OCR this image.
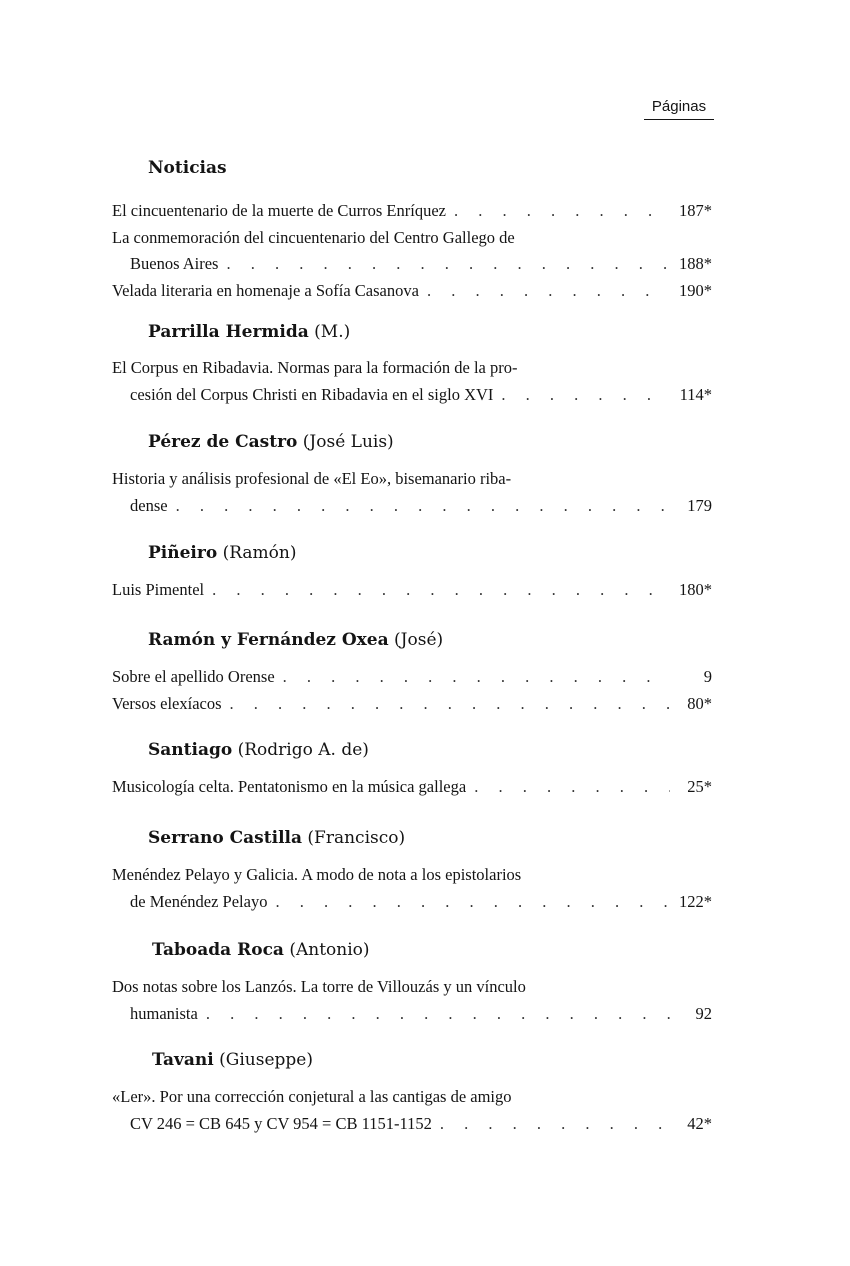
Páginas
Noticias
El cincuentenario de la muerte de Curros Enríquez . . .	187*
La conmemoración del cincuentenario del Centro Gallego de
Buenos Aires . . .	188*
Velada literaria en homenaje a Sofía Casanova . . .	190*
Parrilla Hermida (M.)
El Corpus en Ribadavia. Normas para la formación de la pro-
cesión del Corpus Christi en Ribadavia en el siglo XVI . . .	114*
Pérez de Castro (José Luis)
Historia y análisis profesional de «El Eo», bisemanario riba-
dense . . .	179
Piñeiro (Ramón)
Luis Pimentel . . .	180*
Ramón y Fernández Oxea (José)
Sobre el apellido Orense . . .	9
Versos elexíacos . . .	80*
Santiago (Rodrigo A. de)
Musicología celta. Pentatonismo en la música gallega . . .	25*
Serrano Castilla (Francisco)
Menéndez Pelayo y Galicia. A modo de nota a los epistolarios
de Menéndez Pelayo . . .	122*
Taboada Roca (Antonio)
Dos notas sobre los Lanzós. La torre de Villouzás y un vínculo
humanista . . .	92
Tavani (Giuseppe)
«Ler». Por una corrección conjetural a las cantigas de amigo
CV 246 = CB 645 y CV 954 = CB 1151-1152 . . .	42*
